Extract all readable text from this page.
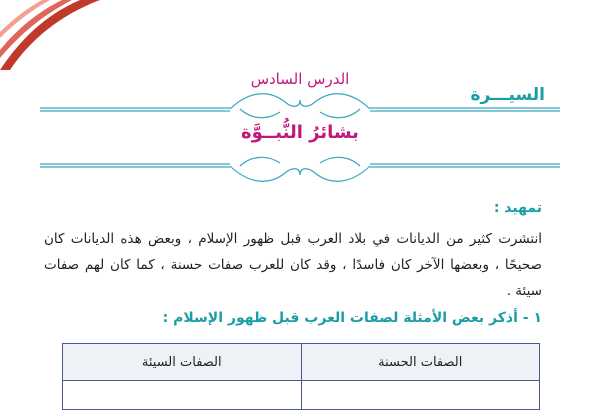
السيـــرة
الدرس السادس
بشائرُ النُّبــوَّة
تمهيد :
انتشرت كثير من الديانات في بلاد العرب قبل ظهور الإسلام ، وبعض هذه الديانات كان صحيحًا ، وبعضها الآخر كان فاسدًا ، وقد كان للعرب صفات حسنة ، كما كان لهم صفات سيئة .
١ - أذكر بعض الأمثلة لصفات العرب قبل ظهور الإسلام :
الصفات الحسنة	الصفات السيئة
